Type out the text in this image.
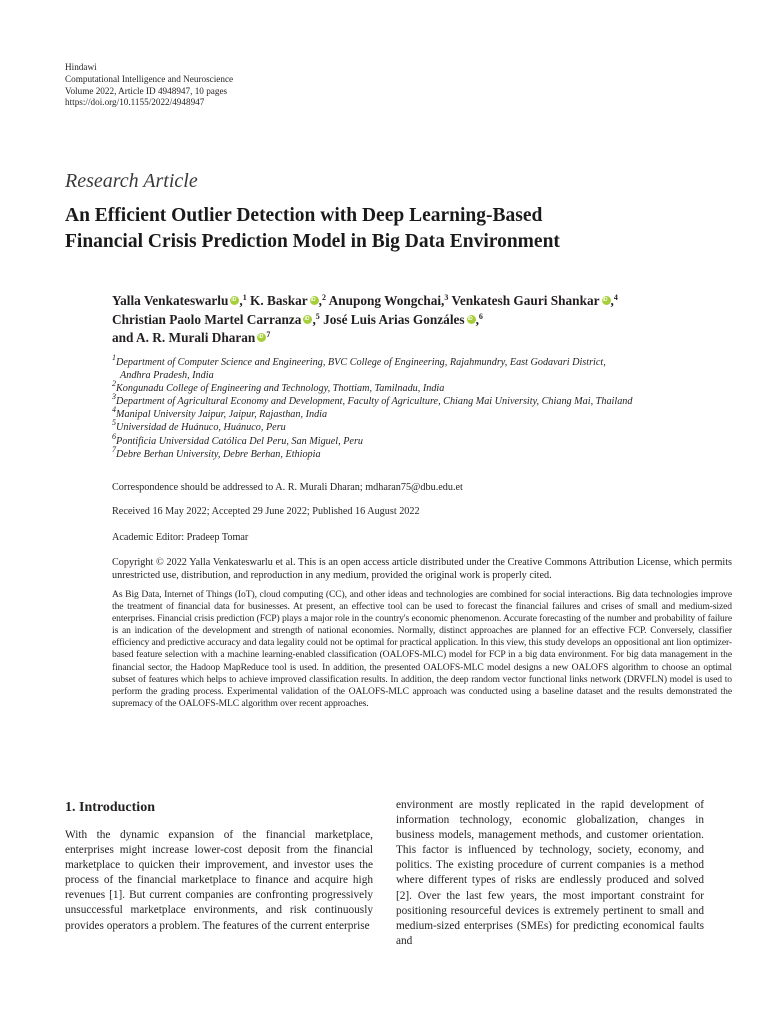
Hindawi
Computational Intelligence and Neuroscience
Volume 2022, Article ID 4948947, 10 pages
https://doi.org/10.1155/2022/4948947
Research Article
An Efficient Outlier Detection with Deep Learning-Based
Financial Crisis Prediction Model in Big Data Environment
Yalla Venkateswarlu iD ,$^1$ K. Baskar iD ,$^2$ Anupong Wongchai,$^3$ Venkatesh Gauri Shankar iD ,$^4$
Christian Paolo Martel Carranza iD ,$^5$ José Luis Arias Gonzáles iD ,$^6$
and A. R. Murali Dharan iD $^7$
$^1$Department of Computer Science and Engineering, BVC College of Engineering, Rajahmundry, East Godavari District,
Andhra Pradesh, India
$^2$Kongunadu College of Engineering and Technology, Thottiam, Tamilnadu, India
$^3$Department of Agricultural Economy and Development, Faculty of Agriculture, Chiang Mai University, Chiang Mai, Thailand
$^4$Manipal University Jaipur, Jaipur, Rajasthan, India
$^5$Universidad de Huánuco, Huánuco, Peru
$^6$Pontificia Universidad Católica Del Peru, San Miguel, Peru
$^7$Debre Berhan University, Debre Berhan, Ethiopia
Correspondence should be addressed to A. R. Murali Dharan; mdharan75@dbu.edu.et
Received 16 May 2022; Accepted 29 June 2022; Published 16 August 2022
Academic Editor: Pradeep Tomar
Copyright © 2022 Yalla Venkateswarlu et al. This is an open access article distributed under the Creative Commons Attribution License, which permits unrestricted use, distribution, and reproduction in any medium, provided the original work is properly cited.
As Big Data, Internet of Things (IoT), cloud computing (CC), and other ideas and technologies are combined for social interactions. Big data technologies improve the treatment of financial data for businesses. At present, an effective tool can be used to forecast the financial failures and crises of small and medium-sized enterprises. Financial crisis prediction (FCP) plays a major role in the country's economic phenomenon. Accurate forecasting of the number and probability of failure is an indication of the development and strength of national economies. Normally, distinct approaches are planned for an effective FCP. Conversely, classifier efficiency and predictive accuracy and data legality could not be optimal for practical application. In this view, this study develops an oppositional ant lion optimizer-based feature selection with a machine learning-enabled classification (OALOFS-MLC) model for FCP in a big data environment. For big data management in the financial sector, the Hadoop MapReduce tool is used. In addition, the presented OALOFS-MLC model designs a new OALOFS algorithm to choose an optimal subset of features which helps to achieve improved classification results. In addition, the deep random vector functional links network (DRVFLN) model is used to perform the grading process. Experimental validation of the OALOFS-MLC approach was conducted using a baseline dataset and the results demonstrated the supremacy of the OALOFS-MLC algorithm over recent approaches.
1. Introduction
With the dynamic expansion of the financial marketplace, enterprises might increase lower-cost deposit from the financial marketplace to quicken their improvement, and investor uses the process of the financial marketplace to finance and acquire high revenues [1]. But current companies are confronting progressively unsuccessful marketplace environments, and risk continuously provides operators a problem. The features of the current enterprise
environment are mostly replicated in the rapid development of information technology, economic globalization, changes in business models, management methods, and customer orientation. This factor is influenced by technology, society, economy, and politics. The existing procedure of current companies is a method where different types of risks are endlessly produced and solved [2]. Over the last few years, the most important constraint for positioning resourceful devices is extremely pertinent to small and medium-sized enterprises (SMEs) for predicting economical faults and
